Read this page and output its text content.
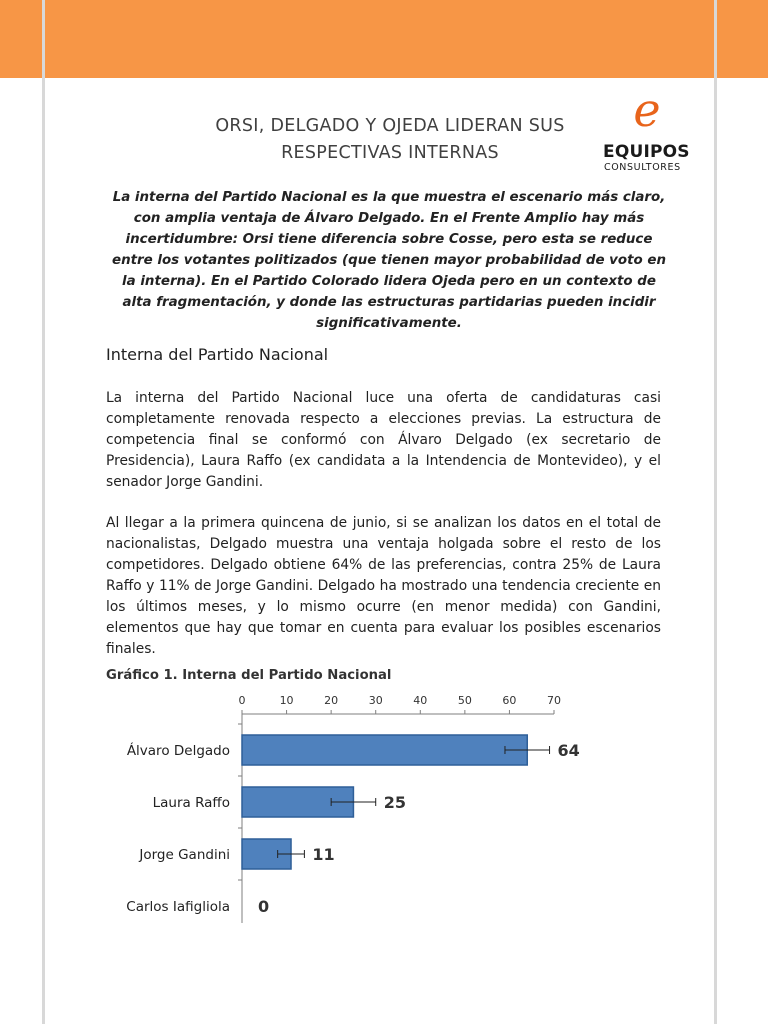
ORSI, DELGADO Y OJEDA LIDERAN SUS
RESPECTIVAS INTERNAS
e
EQUIPOS
CONSULTORES
La interna del Partido Nacional es la que muestra el escenario más claro, con amplia ventaja de Álvaro Delgado. En el Frente Amplio hay más incertidumbre: Orsi tiene diferencia sobre Cosse, pero esta se reduce entre los votantes politizados (que tienen mayor probabilidad de voto en la interna). En el Partido Colorado lidera Ojeda pero en un contexto de alta fragmentación, y donde las estructuras partidarias pueden incidir significativamente.
Interna del Partido Nacional
La interna del Partido Nacional luce una oferta de candidaturas casi completamente renovada respecto a elecciones previas. La estructura de competencia final se conformó con Álvaro Delgado (ex secretario de Presidencia), Laura Raffo (ex candidata a la Intendencia de Montevideo), y el senador Jorge Gandini.
Al llegar a la primera quincena de junio, si se analizan los datos en el total de nacionalistas, Delgado muestra una ventaja holgada sobre el resto de los competidores. Delgado obtiene 64% de las preferencias, contra 25% de Laura Raffo y 11% de Jorge Gandini. Delgado ha mostrado una tendencia creciente en los últimos meses, y lo mismo ocurre (en menor medida) con Gandini, elementos que hay que tomar en cuenta para evaluar los posibles escenarios finales.
Gráfico 1. Interna del Partido Nacional
0	10	20	30	40	50	60	70
Álvaro Delgado	64
Laura Raffo	25
Jorge Gandini	11
Carlos Iafigliola 0
